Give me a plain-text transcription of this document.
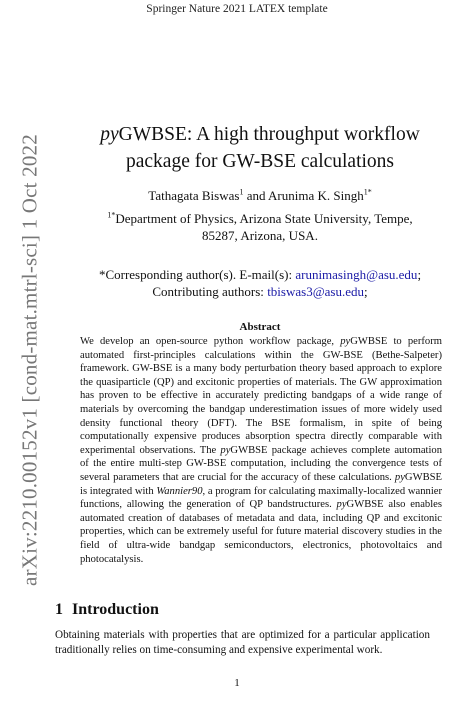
Springer Nature 2021 LATEX template
arXiv:2210.00152v1 [cond-mat.mtrl-sci] 1 Oct 2022	pyGWBSE: A high throughput workflow
package for GW-BSE calculations
Tathagata Biswas$^1$ and Arunima K. Singh$^{1*}$
$^{1*}$Department of Physics, Arizona State University, Tempe,
85287, Arizona, USA.
*Corresponding author(s). E-mail(s): arunimasingh@asu.edu;
Contributing authors: tbiswas3@asu.edu;
Abstract
We develop an open-source python workflow package, pyGWBSE to perform automated first-principles calculations within the GW-BSE (Bethe-Salpeter) framework. GW-BSE is a many body perturbation theory based approach to explore the quasiparticle (QP) and excitonic properties of materials. The GW approximation has proven to be effective in accurately predicting bandgaps of a wide range of materials by overcoming the bandgap underestimation issues of more widely used density functional theory (DFT). The BSE formalism, in spite of being computationally expensive produces absorption spectra directly comparable with experimental observations. The pyGWBSE package achieves complete automation of the entire multi-step GW-BSE computation, including the convergence tests of several parameters that are crucial for the accuracy of these calculations. pyGWBSE is integrated with Wannier90, a program for calculating maximally-localized wannier functions, allowing the generation of QP bandstructures. pyGWBSE also enables automated creation of databases of metadata and data, including QP and excitonic properties, which can be extremely useful for future material discovery studies in the field of ultra-wide bandgap semiconductors, electronics, photovoltaics and photocatalysis.
1 Introduction
Obtaining materials with properties that are optimized for a particular application traditionally relies on time-consuming and expensive experimental work.
1
